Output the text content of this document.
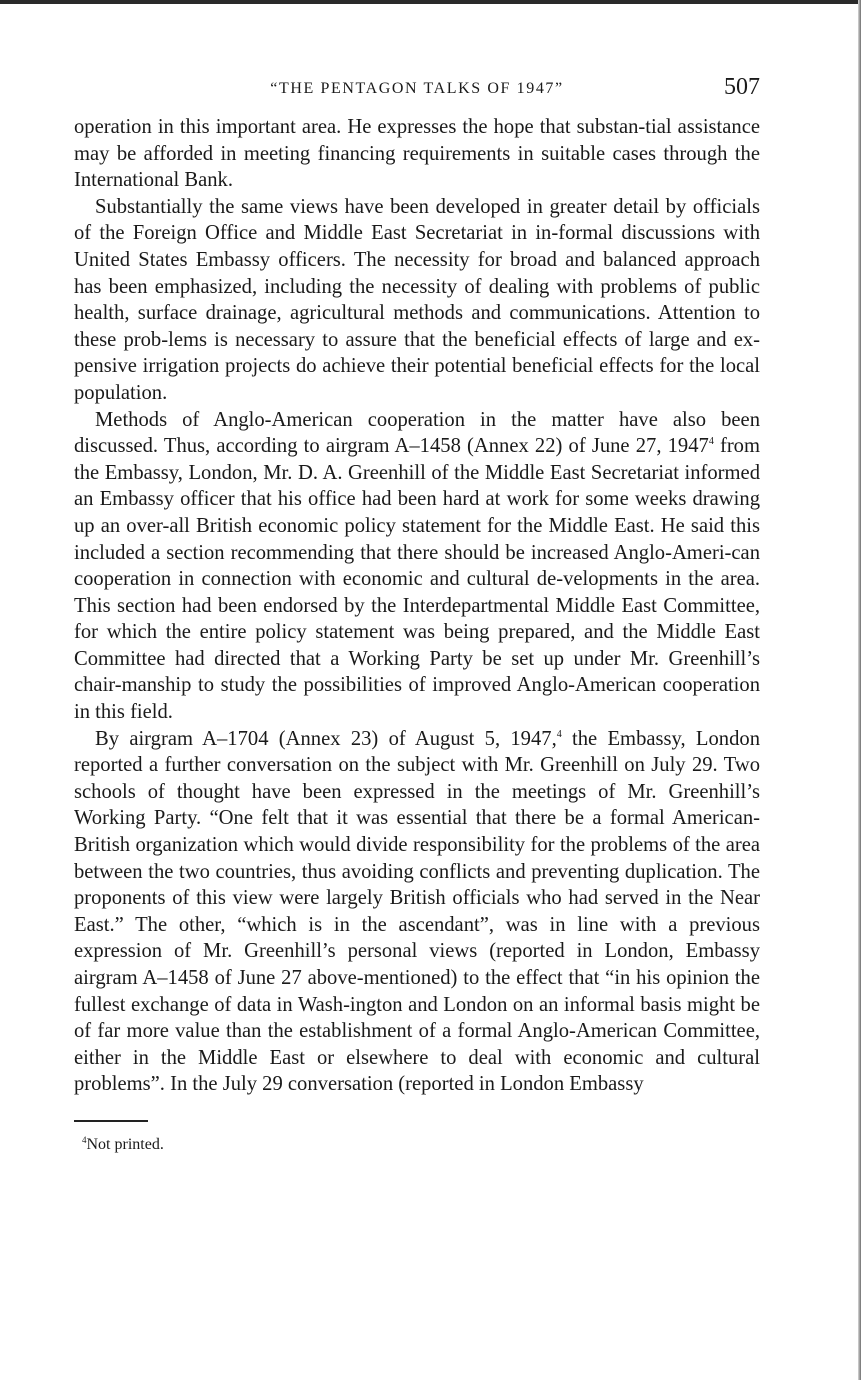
“THE PENTAGON TALKS OF 1947”	507

operation in this important area. He expresses the hope that substan-tial assistance may be afforded in meeting financing requirements in suitable cases through the International Bank.

Substantially the same views have been developed in greater detail by officials of the Foreign Office and Middle East Secretariat in in-formal discussions with United States Embassy officers. The necessity for broad and balanced approach has been emphasized, including the necessity of dealing with problems of public health, surface drainage, agricultural methods and communications. Attention to these prob-lems is necessary to assure that the beneficial effects of large and ex-pensive irrigation projects do achieve their potential beneficial effects for the local population.

Methods of Anglo-American cooperation in the matter have also been discussed. Thus, according to airgram A–1458 (Annex 22) of June 27, 1947$^4$ from the Embassy, London, Mr. D. A. Greenhill of the Middle East Secretariat informed an Embassy officer that his office had been hard at work for some weeks drawing up an over-all British economic policy statement for the Middle East. He said this included a section recommending that there should be increased Anglo-Ameri-can cooperation in connection with economic and cultural de-velopments in the area. This section had been endorsed by the Interdepartmental Middle East Committee, for which the entire policy statement was being prepared, and the Middle East Committee had directed that a Working Party be set up under Mr. Greenhill’s chair-manship to study the possibilities of improved Anglo-American cooperation in this field.

By airgram A–1704 (Annex 23) of August 5, 1947,$^4$ the Embassy, London reported a further conversation on the subject with Mr. Greenhill on July 29. Two schools of thought have been expressed in the meetings of Mr. Greenhill’s Working Party. “One felt that it was essential that there be a formal American-British organization which would divide responsibility for the problems of the area between the two countries, thus avoiding conflicts and preventing duplication. The proponents of this view were largely British officials who had served in the Near East.” The other, “which is in the ascendant”, was in line with a previous expression of Mr. Greenhill’s personal views (reported in London, Embassy airgram A–1458 of June 27 above-mentioned) to the effect that “in his opinion the fullest exchange of data in Wash-ington and London on an informal basis might be of far more value than the establishment of a formal Anglo-American Committee, either in the Middle East or elsewhere to deal with economic and cultural problems”. In the July 29 conversation (reported in London Embassy

$^4$Not printed.
